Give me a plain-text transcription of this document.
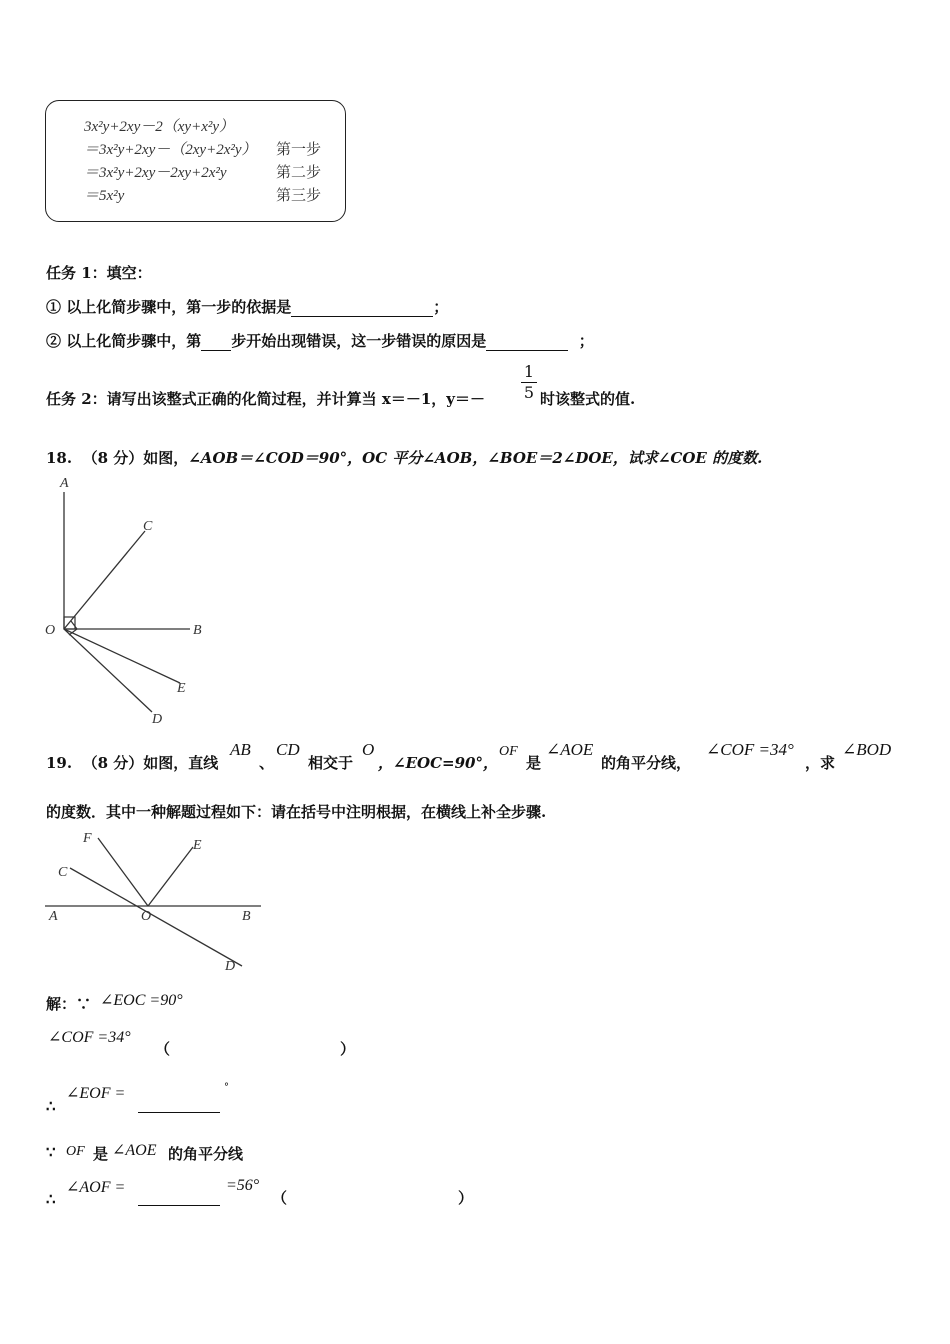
3x²y+2xy－2（xy+x²y）
＝3x²y+2xy－（2xy+2x²y） 第一步
＝3x²y+2xy－2xy+2x²y	第二步
＝5x²y	第三步
任务 1：填空：
① 以上化简步骤中，第一步的依据是	；
② 以上化简步骤中，第 步开始出现错误，这一步错误的原因是	；
任务 2：请写出该整式正确的化简过程，并计算当 x＝－1，y＝－
1
5 时该整式的值.
18. （8 分）如图，∠AOB＝∠COD＝90°，OC 平分∠AOB，∠BOE＝2∠DOE，试求∠COE 的度数.
A
C
O	B
E
D
19. （8 分）如图，直线
AB
、
CD
相交于
O
，∠EOC=90°，
OF
是
∠AOE
的角平分线，
∠COF =34°
，求
∠BOD
的度数．其中一种解题过程如下：请在括号中注明根据，在横线上补全步骤.
F	E
C
A	O	B
D
解：∵ ∠EOC =90°
∠COF =34°
（	）
∴
∠EOF =	°
∵ OF 是 ∠AOE 的角平分线
∴
∠AOF =	=56°
（	）
